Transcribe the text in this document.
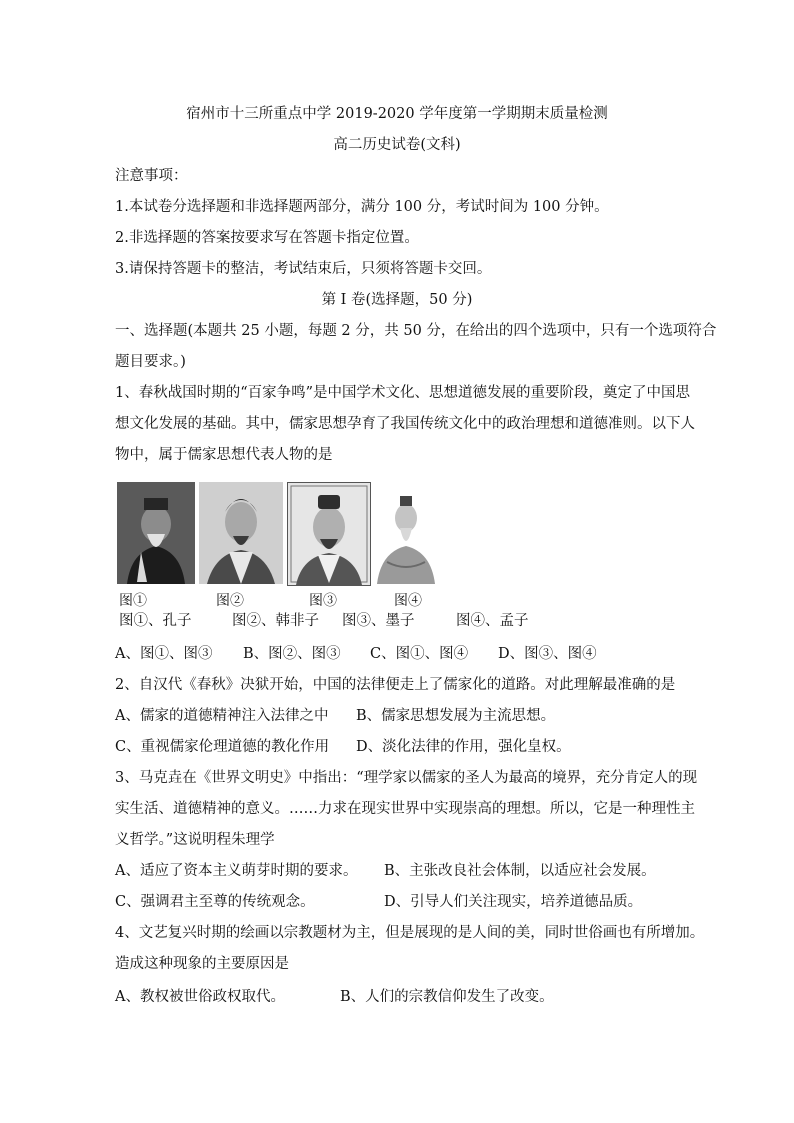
宿州市十三所重点中学 2019-2020 学年度第一学期期末质量检测
高二历史试卷(文科)
注意事项：
1.本试卷分选择题和非选择题两部分，满分 100 分，考试时间为 100 分钟。
2.非选择题的答案按要求写在答题卡指定位置。
3.请保持答题卡的整洁，考试结束后，只须将答题卡交回。
第 I 卷(选择题，50 分)
一、选择题(本题共 25 小题，每题 2 分，共 50 分，在给出的四个选项中，只有一个选项符合
题目要求。)
1、春秋战国时期的“百家争鸣”是中国学术文化、思想道德发展的重要阶段，奠定了中国思
想文化发展的基础。其中，儒家思想孕育了我国传统文化中的政治理想和道德准则。以下人
物中，属于儒家思想代表人物的是
图①	图②	图③	图④
图①、孔子	图②、韩非子 图③、墨子	图④、孟子
A、图①、图③ B、图②、图③ C、图①、图④ D、图③、图④
2、自汉代《春秋》决狱开始，中国的法律便走上了儒家化的道路。对此理解最准确的是
A、儒家的道德精神注入法律之中 B、儒家思想发展为主流思想。
C、重视儒家伦理道德的教化作用 D、淡化法律的作用，强化皇权。
3、马克垚在《世界文明史》中指出：“理学家以儒家的圣人为最高的境界，充分肯定人的现
实生活、道德精神的意义。……力求在现实世界中实现崇高的理想。所以，它是一种理性主
义哲学。”这说明程朱理学
A、适应了资本主义萌芽时期的要求。 B、主张改良社会体制，以适应社会发展。
C、强调君主至尊的传统观念。	D、引导人们关注现实，培养道德品质。
4、文艺复兴时期的绘画以宗教题材为主，但是展现的是人间的美，同时世俗画也有所增加。
造成这种现象的主要原因是
A、教权被世俗政权取代。	B、人们的宗教信仰发生了改变。
